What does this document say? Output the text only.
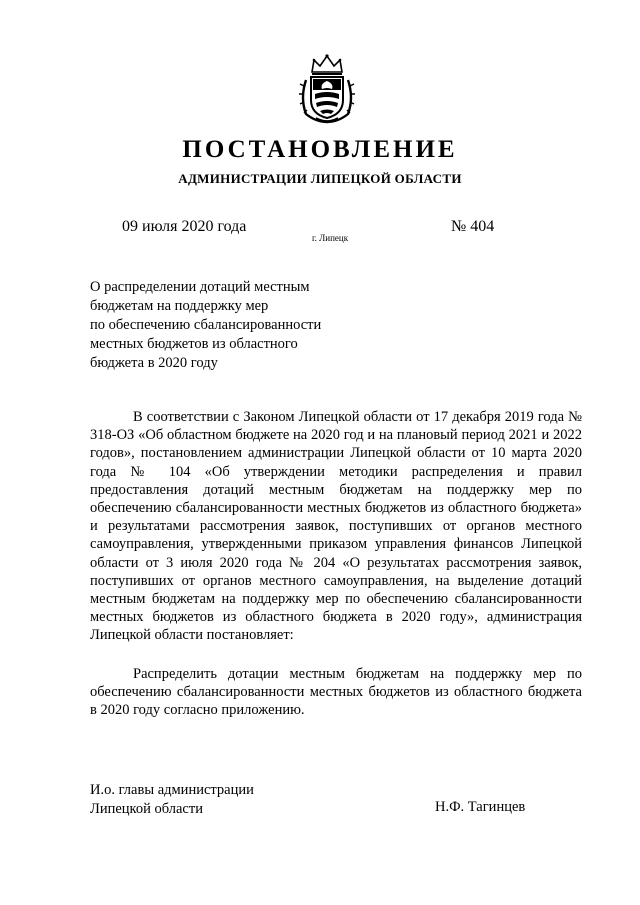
ПОСТАНОВЛЕНИЕ
АДМИНИСТРАЦИИ ЛИПЕЦКОЙ ОБЛАСТИ
09 июля 2020 года
г. Липецк
№ 404
О распределении дотаций местным
бюджетам на поддержку мер
по обеспечению сбалансированности
местных бюджетов из областного
бюджета в 2020 году

В соответствии с Законом Липецкой области от 17 декабря 2019 года № 318-ОЗ «Об областном бюджете на 2020 год и на плановый период 2021 и 2022 годов», постановлением администрации Липецкой области от 10 марта 2020 года № 104 «Об утверждении методики распределения и правил предоставления дотаций местным бюджетам на поддержку мер по обеспечению сбалансированности местных бюджетов из областного бюджета» и результатами рассмотрения заявок, поступивших от органов местного самоуправления, утвержденными приказом управления финансов Липецкой области от 3 июля 2020 года № 204 «О результатах рассмотрения заявок, поступивших от органов местного самоуправления, на выделение дотаций местным бюджетам на поддержку мер по обеспечению сбалансированности местных бюджетов из областного бюджета в 2020 году», администрация Липецкой области постановляет:

Распределить дотации местным бюджетам на поддержку мер по обеспечению сбалансированности местных бюджетов из областного бюджета в 2020 году согласно приложению.

И.о. главы администрации
Липецкой области	Н.Ф. Тагинцев
